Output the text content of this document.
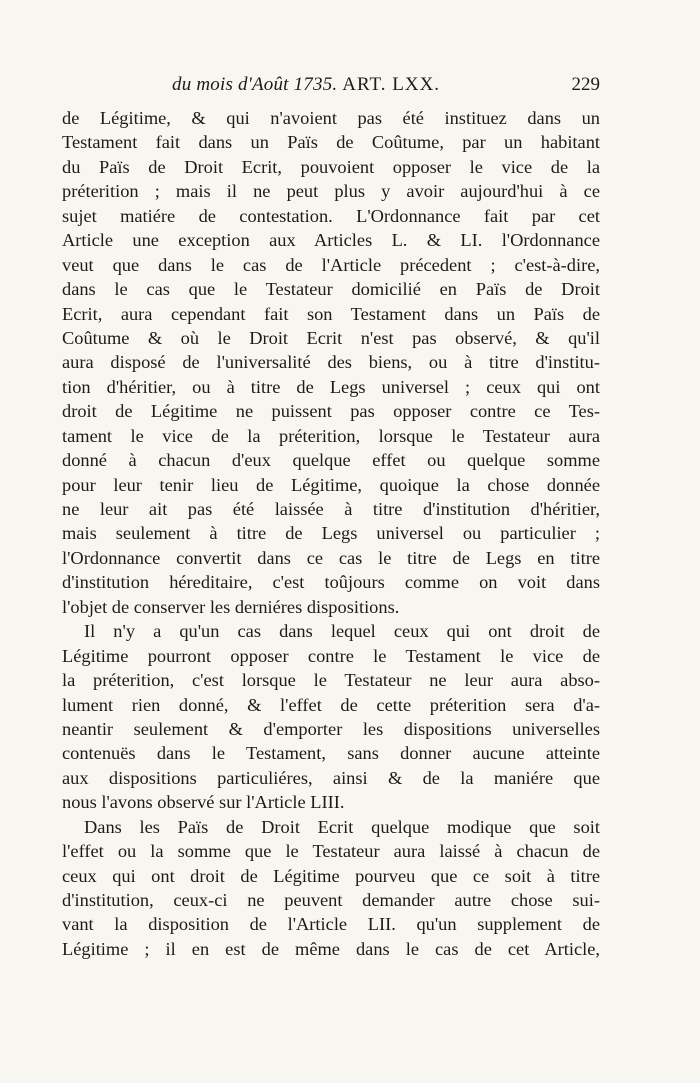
du mois d'Août 1735. ART. LXX.	229
de Légitime, & qui n'avoient pas été instituez dans un
Testament fait dans un Païs de Coûtume, par un habitant
du Païs de Droit Ecrit, pouvoient opposer le vice de la
préterition ; mais il ne peut plus y avoir aujourd'hui à ce
sujet matiére de contestation. L'Ordonnance fait par cet
Article une exception aux Articles L. & LI. l'Ordonnance
veut que dans le cas de l'Article précedent ; c'est-à-dire,
dans le cas que le Testateur domicilié en Païs de Droit
Ecrit, aura cependant fait son Testament dans un Païs de
Coûtume & où le Droit Ecrit n'est pas observé, & qu'il
aura disposé de l'universalité des biens, ou à titre d'institu-
tion d'héritier, ou à titre de Legs universel ; ceux qui ont
droit de Légitime ne puissent pas opposer contre ce Tes-
tament le vice de la préterition, lorsque le Testateur aura
donné à chacun d'eux quelque effet ou quelque somme
pour leur tenir lieu de Légitime, quoique la chose donnée
ne leur ait pas été laissée à titre d'institution d'héritier,
mais seulement à titre de Legs universel ou particulier ;
l'Ordonnance convertit dans ce cas le titre de Legs en titre
d'institution héreditaire, c'est toûjours comme on voit dans
l'objet de conserver les derniéres dispositions.
Il n'y a qu'un cas dans lequel ceux qui ont droit de
Légitime pourront opposer contre le Testament le vice de
la préterition, c'est lorsque le Testateur ne leur aura abso-
lument rien donné, & l'effet de cette préterition sera d'a-
neantir seulement & d'emporter les dispositions universelles
contenuës dans le Testament, sans donner aucune atteinte
aux dispositions particuliéres, ainsi & de la maniére que
nous l'avons observé sur l'Article LIII.
Dans les Païs de Droit Ecrit quelque modique que soit
l'effet ou la somme que le Testateur aura laissé à chacun de
ceux qui ont droit de Légitime pourveu que ce soit à titre
d'institution, ceux-ci ne peuvent demander autre chose sui-
vant la disposition de l'Article LII. qu'un supplement de
Légitime ; il en est de même dans le cas de cet Article,
